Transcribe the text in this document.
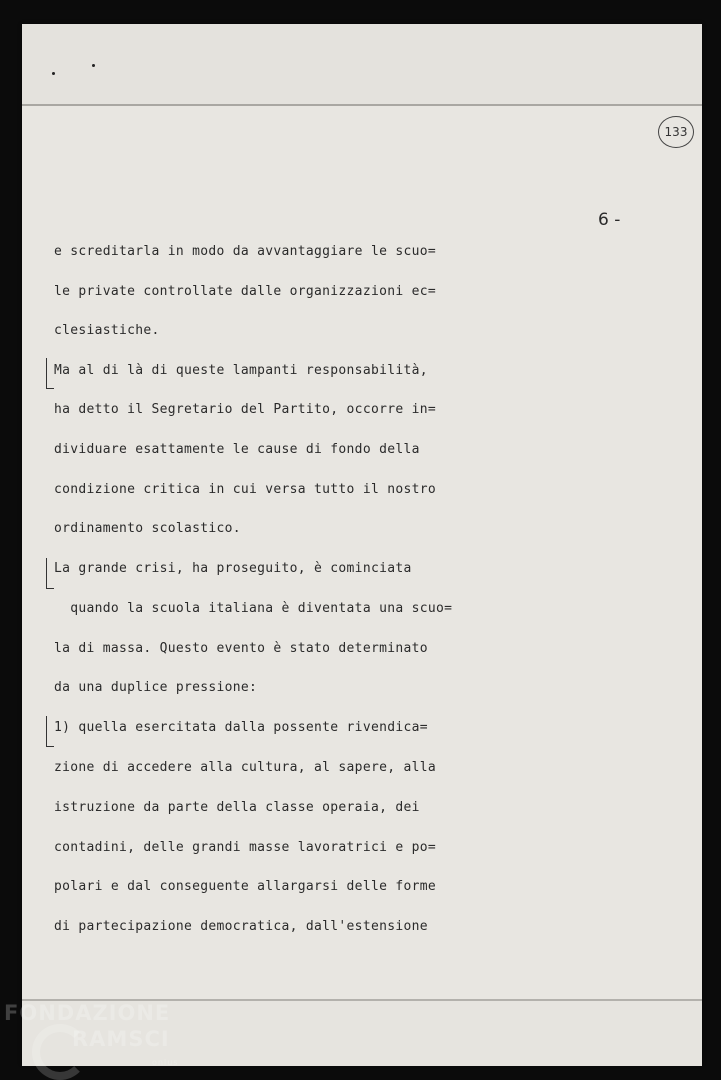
133
6 -
e screditarla in modo da avvantaggiare le scuo=
le private controllate dalle organizzazioni ec=
clesiastiche.
Ma al di là di queste lampanti responsabilità,
ha detto il Segretario del Partito, occorre in=
dividuare esattamente le cause di fondo della
condizione critica in cui versa tutto il nostro
ordinamento scolastico.
La grande crisi, ha proseguito, è cominciata
quando la scuola italiana è diventata una scuo=
la di massa. Questo evento è stato determinato
da una duplice pressione:
1) quella esercitata dalla possente rivendica=
zione di accedere alla cultura, al sapere, alla
istruzione da parte della classe operaia, dei
contadini, delle grandi masse lavoratrici e po=
polari e dal conseguente allargarsi delle forme
di partecipazione democratica, dall'estensione
FONDAZIONE
RAMSCI
onlus
